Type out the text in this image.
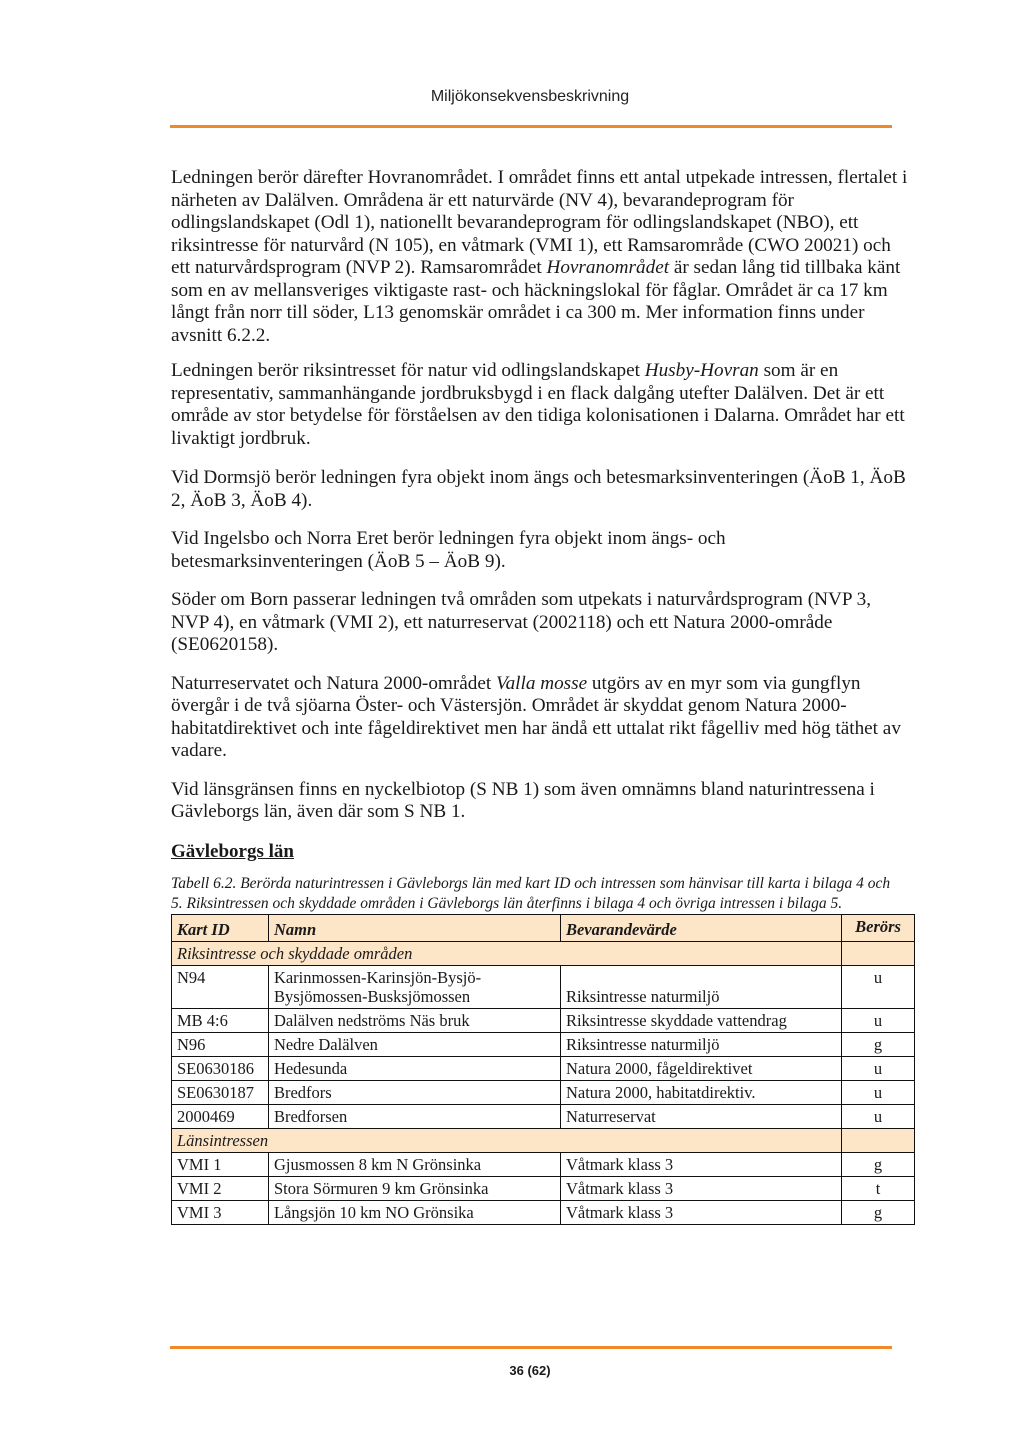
Miljökonsekvensbeskrivning

Ledningen berör därefter Hovranområdet. I området finns ett antal utpekade intressen, flertalet i närheten av Dalälven. Områdena är ett naturvärde (NV 4), bevarandeprogram för odlingslandskapet (Odl 1), nationellt bevarandeprogram för odlingslandskapet (NBO), ett riksintresse för naturvård (N 105), en våtmark (VMI 1), ett Ramsarområde (CWO 20021) och ett naturvårdsprogram (NVP 2). Ramsarområdet Hovranområdet är sedan lång tid tillbaka känt som en av mellansveriges viktigaste rast- och häckningslokal för fåglar. Området är ca 17 km långt från norr till söder, L13 genomskär området i ca 300 m. Mer information finns under avsnitt 6.2.2.

Ledningen berör riksintresset för natur vid odlingslandskapet Husby-Hovran som är en representativ, sammanhängande jordbruksbygd i en flack dalgång utefter Dalälven. Det är ett område av stor betydelse för förståelsen av den tidiga kolonisationen i Dalarna. Området har ett livaktigt jordbruk.

Vid Dormsjö berör ledningen fyra objekt inom ängs och betesmarksinventeringen (ÄoB 1, ÄoB 2, ÄoB 3, ÄoB 4).

Vid Ingelsbo och Norra Eret berör ledningen fyra objekt inom ängs- och betesmarksinventeringen (ÄoB 5 – ÄoB 9).

Söder om Born passerar ledningen två områden som utpekats i naturvårdsprogram (NVP 3, NVP 4), en våtmark (VMI 2), ett naturreservat (2002118) och ett Natura 2000-område (SE0620158).

Naturreservatet och Natura 2000-området Valla mosse utgörs av en myr som via gungflyn övergår i de två sjöarna Öster- och Västersjön. Området är skyddat genom Natura 2000-habitatdirektivet och inte fågeldirektivet men har ändå ett uttalat rikt fågelliv med hög täthet av vadare.

Vid länsgränsen finns en nyckelbiotop (S NB 1) som även omnämns bland naturintressena i Gävleborgs län, även där som S NB 1.

Gävleborgs län
Tabell 6.2. Berörda naturintressen i Gävleborgs län med kart ID och intressen som hänvisar till karta i bilaga 4 och 5. Riksintressen och skyddade områden i Gävleborgs län återfinns i bilaga 4 och övriga intressen i bilaga 5.
Kart ID	Namn	Bevarandevärde	Berörs
Riksintresse och skyddade områden			
N94	Karinmossen-Karinsjön-Bysjö-Bysjömossen-Busksjömossen	Riksintresse naturmiljö	u
MB 4:6	Dalälven nedströms Näs bruk	Riksintresse skyddade vattendrag	u
N96	Nedre Dalälven	Riksintresse naturmiljö	g
SE0630186	Hedesunda	Natura 2000, fågeldirektivet	u
SE0630187	Bredfors	Natura 2000, habitatdirektiv.	u
2000469	Bredforsen	Naturreservat	u
Länsintressen			
VMI 1	Gjusmossen 8 km N Grönsinka	Våtmark klass 3	g
VMI 2	Stora Sörmuren 9 km Grönsinka	Våtmark klass 3	t
VMI 3	Långsjön 10 km NO Grönsika	Våtmark klass 3	g
36 (62)
